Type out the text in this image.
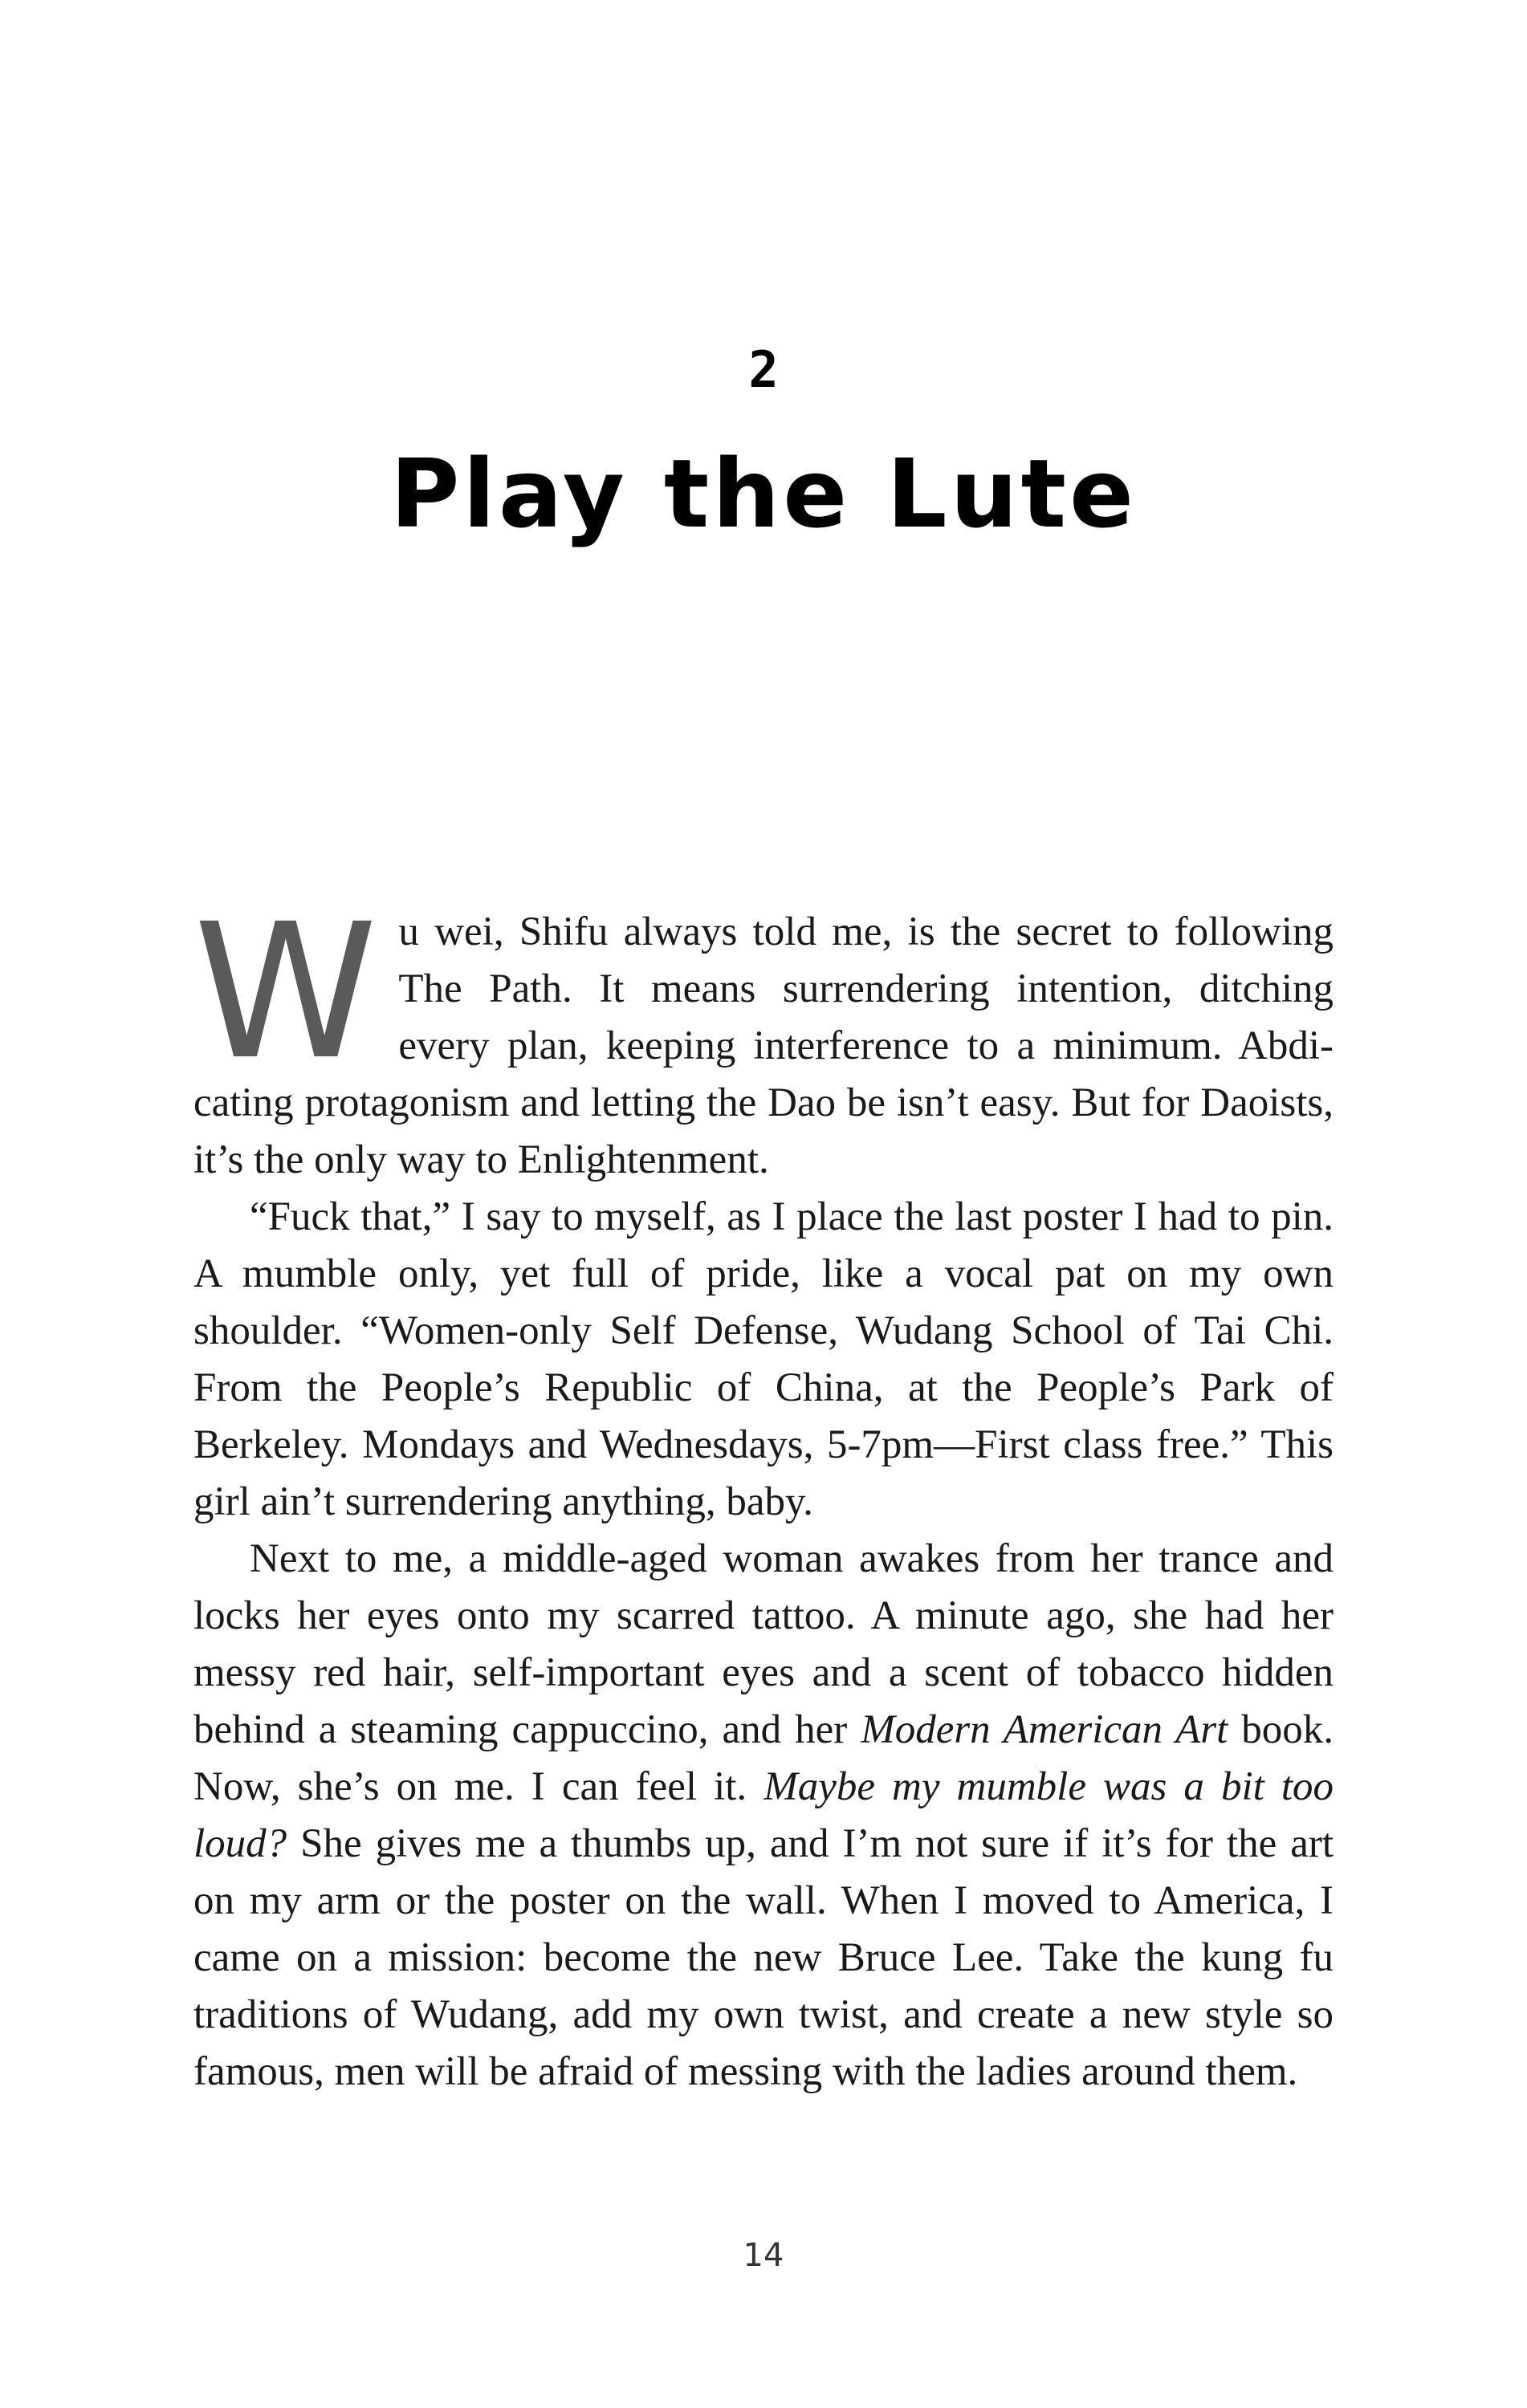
2
Play the Lute

Wu wei, Shifu always told me, is the secret to following The Path. It means surrendering intention, ditching every plan, keeping interference to a minimum. Abdicating protagonism and letting the Dao be isn’t easy. But for Daoists, it’s the only way to Enlightenment.

“Fuck that,” I say to myself, as I place the last poster I had to pin. A mumble only, yet full of pride, like a vocal pat on my own shoulder. “Women-only Self Defense, Wudang School of Tai Chi. From the People’s Republic of China, at the People’s Park of Berkeley. Mondays and Wednesdays, 5-7pm—First class free.” This girl ain’t surrendering anything, baby.

Next to me, a middle-aged woman awakes from her trance and locks her eyes onto my scarred tattoo. A minute ago, she had her messy red hair, self-important eyes and a scent of tobacco hidden behind a steaming cappuccino, and her Modern American Art book. Now, she’s on me. I can feel it. Maybe my mumble was a bit too loud? She gives me a thumbs up, and I’m not sure if it’s for the art on my arm or the poster on the wall. When I moved to America, I came on a mission: become the new Bruce Lee. Take the kung fu traditions of Wudang, add my own twist, and create a new style so famous, men will be afraid of messing with the ladies around them.

14
